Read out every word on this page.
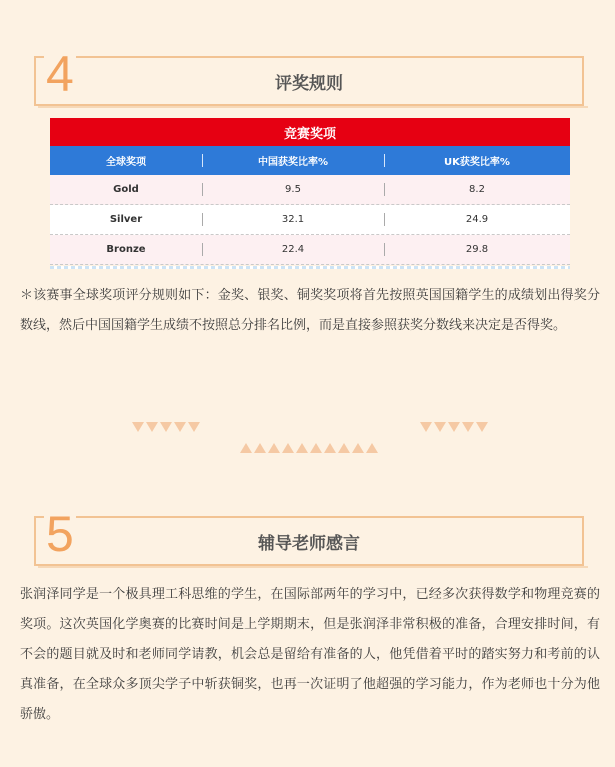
4	评奖规则
竞赛奖项
全球奖项	中国获奖比率%	UK获奖比率%
Gold	9.5	8.2
Silver	32.1	24.9
Bronze	22.4	29.8
＊该赛事全球奖项评分规则如下：金奖、银奖、铜奖奖项将首先按照英国国籍学生的成绩划出得奖分数线，然后中国国籍学生成绩不按照总分排名比例，而是直接参照获奖分数线来决定是否得奖。
5	辅导老师感言
张润泽同学是一个极具理工科思维的学生，在国际部两年的学习中，已经多次获得数学和物理竞赛的奖项。这次英国化学奥赛的比赛时间是上学期期末，但是张润泽非常积极的准备，合理安排时间，有不会的题目就及时和老师同学请教，机会总是留给有准备的人，他凭借着平时的踏实努力和考前的认真准备，在全球众多顶尖学子中斩获铜奖，也再一次证明了他超强的学习能力，作为老师也十分为他骄傲。
